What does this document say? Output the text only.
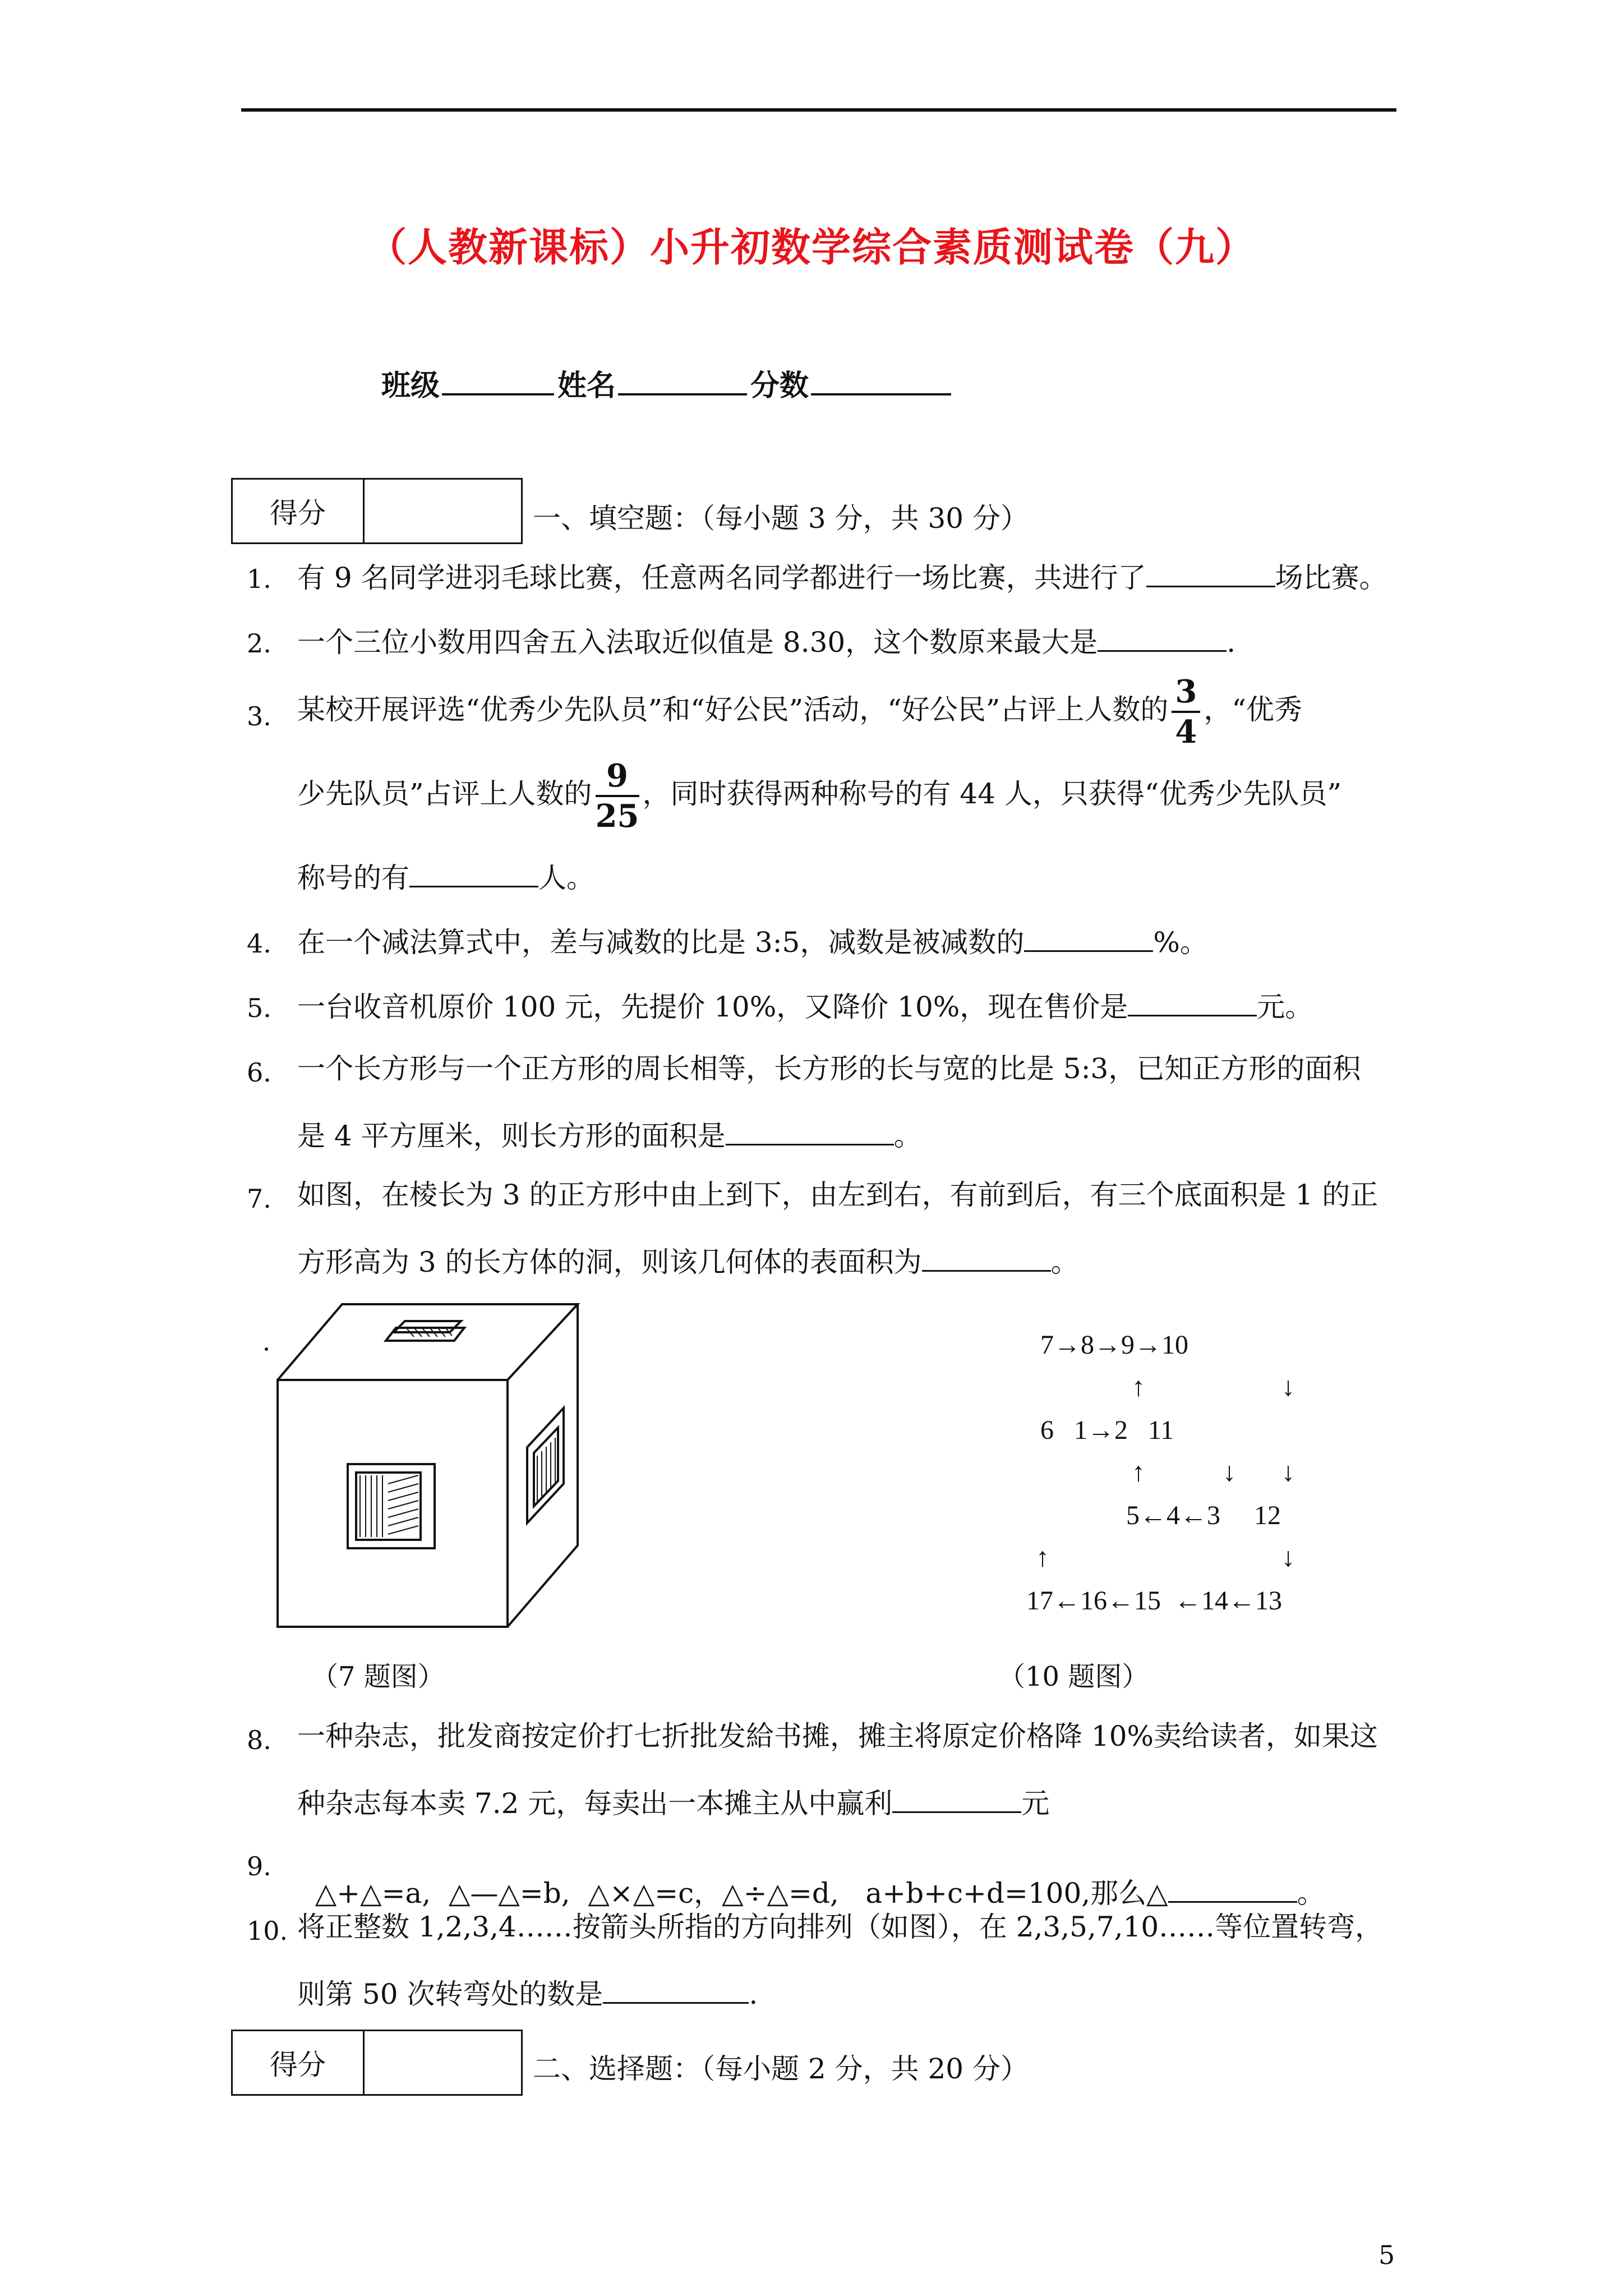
（人教新课标）小升初数学综合素质测试卷（九）
班级	姓名	分数
得分	一、填空题：（每小题 3 分，共 30 分）
1. 有 9 名同学进羽毛球比赛，任意两名同学都进行一场比赛，共进行了	场比赛。
2. 一个三位小数用四舍五入法取近似值是 8.30，这个数原来最大是	.
3. 某校开展评选“优秀少先队员”和“好公民”活动，“好公民”占评上人数的 $\frac{3}{4}$ ，“优秀
少先队员”占评上人数的 $\frac{9}{25}$ ，同时获得两种称号的有 44 人，只获得“优秀少先队员”
称号的有	人。
4. 在一个减法算式中，差与减数的比是 3:5，减数是被减数的	%。
5. 一台收音机原价 100 元，先提价 10%，又降价 10%，现在售价是	元。
6. 一个长方形与一个正方形的周长相等，长方形的长与宽的比是 5:3，已知正方形的面积
是 4 平方厘米，则长方形的面积是	。
7. 如图，在棱长为 3 的正方形中由上到下，由左到右，有前到后，有三个底面积是 1 的正
方形高为 3 的长方体的洞，则该几何体的表面积为	。
7→8→9→10
↑	↓
6   1→2   11
↑	↓ ↓
5←4←3     12
↑	↓
17←16←15  ←14←13
（7 题图）	（10 题图）
8. 一种杂志，批发商按定价打七折批发給书摊，摊主将原定价格降 10%卖给读者，如果这
种杂志每本卖 7.2 元，每卖出一本摊主从中赢利	元
9.

△+△=a,  △—△=b,  △×△=c，△÷△=d,   a+b+c+d=100,那么△	。

10. 将正整数 1,2,3,4……按箭头所指的方向排列（如图），在 2,3,5,7,10……等位置转弯，
则第 50 次转弯处的数是	.
得分	二、选择题：（每小题 2 分，共 20 分）
5
